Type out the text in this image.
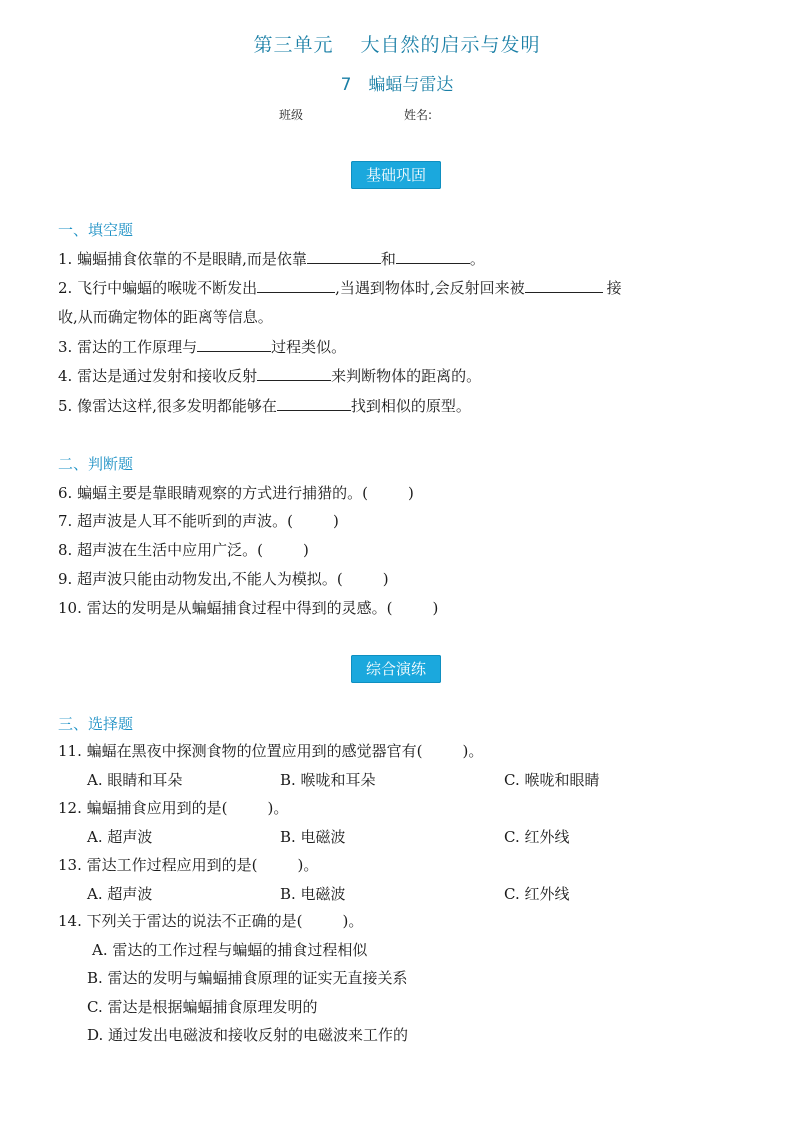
第三单元　 大自然的启示与发明
7　蝙蝠与雷达
班级	姓名:
基础巩固
一、填空题
1. 蝙蝠捕食依靠的不是眼睛,而是依靠	和	。
2. 飞行中蝙蝠的喉咙不断发出	,当遇到物体时,会反射回来被	接
收,从而确定物体的距离等信息。
3. 雷达的工作原理与	过程类似。
4. 雷达是通过发射和接收反射	来判断物体的距离的。
5. 像雷达这样,很多发明都能够在	找到相似的原型。
二、判断题
6. 蝙蝠主要是靠眼睛观察的方式进行捕猎的。(	)
7. 超声波是人耳不能听到的声波。(	)
8. 超声波在生活中应用广泛。(	)
9. 超声波只能由动物发出,不能人为模拟。(	)
10. 雷达的发明是从蝙蝠捕食过程中得到的灵感。(	)
综合演练
三、选择题
11. 蝙蝠在黑夜中探测食物的位置应用到的感觉器官有(	)。
A. 眼睛和耳朵	B. 喉咙和耳朵	C. 喉咙和眼睛
12. 蝙蝠捕食应用到的是(	)。
A. 超声波	B. 电磁波	C. 红外线
13. 雷达工作过程应用到的是(	)。
A. 超声波	B. 电磁波	C. 红外线
14. 下列关于雷达的说法不正确的是(	)。
A. 雷达的工作过程与蝙蝠的捕食过程相似
B. 雷达的发明与蝙蝠捕食原理的证实无直接关系
C. 雷达是根据蝙蝠捕食原理发明的
D. 通过发出电磁波和接收反射的电磁波来工作的
